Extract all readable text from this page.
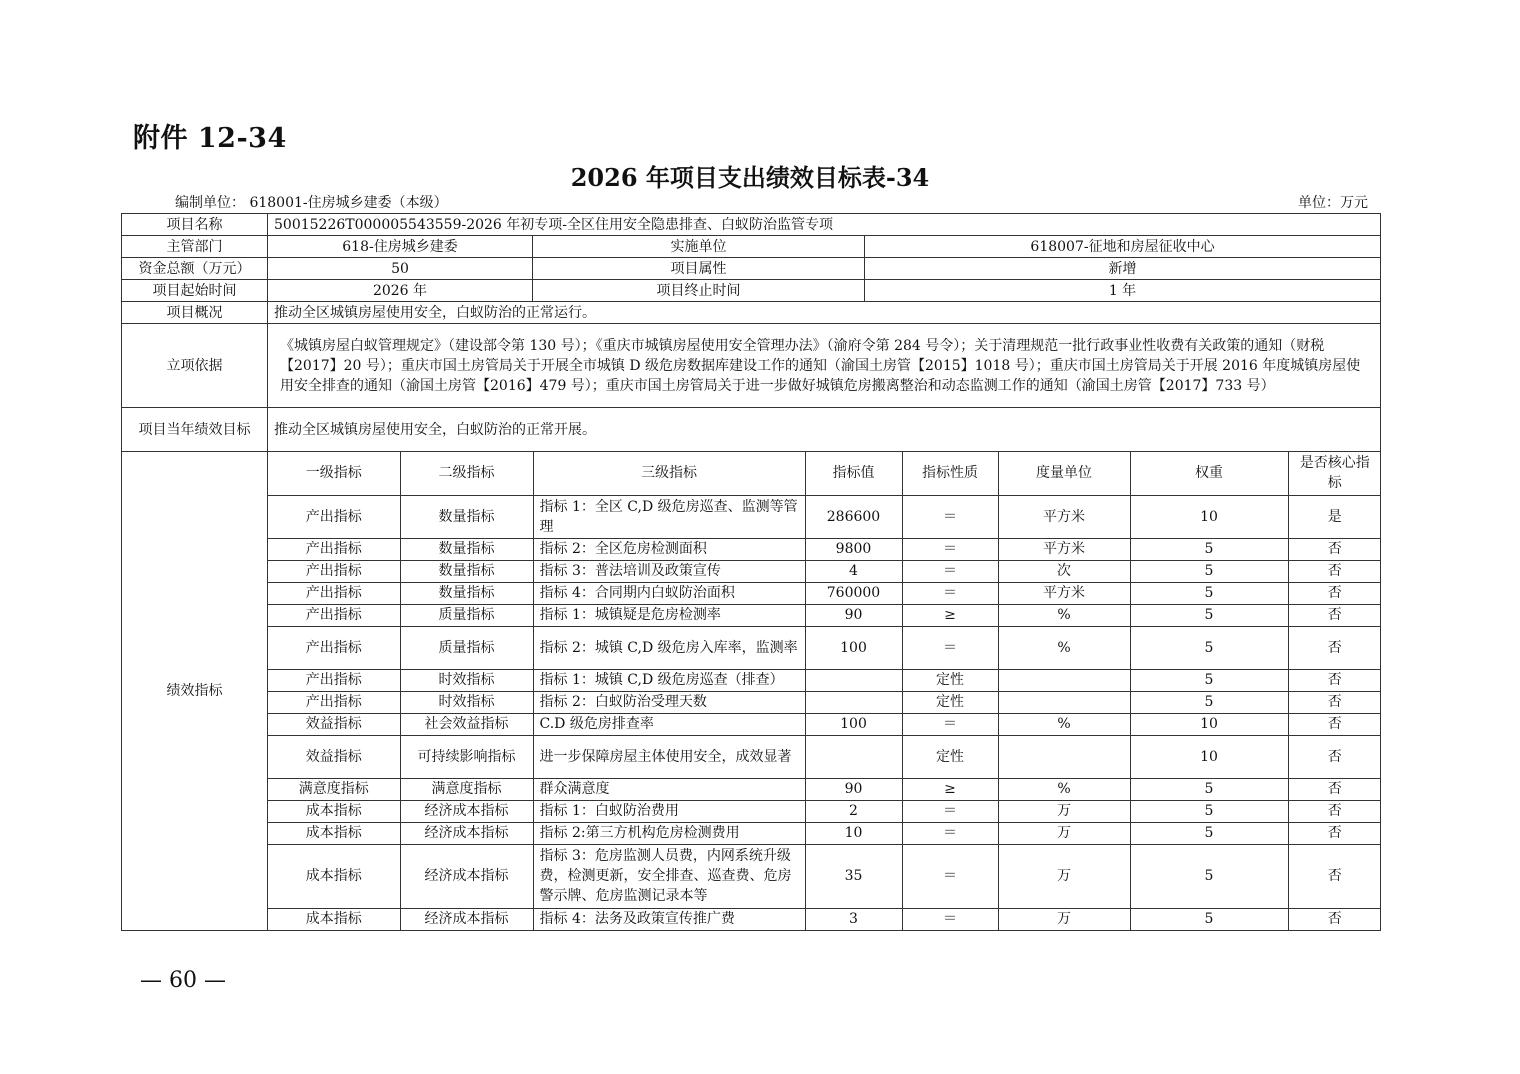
附件 12-34
2026 年项目支出绩效目标表-34
编制单位： 618001-住房城乡建委（本级）	单位：万元
项目名称	50015226T000005543559-2026 年初专项-全区住用安全隐患排查、白蚁防治监管专项
主管部门	618-住房城乡建委	实施单位	618007-征地和房屋征收中心
资金总额（万元）	50	项目属性	新增
项目起始时间	2026 年	项目终止时间	1 年
项目概况	推动全区城镇房屋使用安全，白蚁防治的正常运行。
立项依据	《城镇房屋白蚁管理规定》（建设部令第 130 号）；《重庆市城镇房屋使用安全管理办法》（渝府令第 284 号令）；关于清理规范一批行政事业性收费有关政策的通知（财税【2017】20 号）；重庆市国土房管局关于开展全市城镇 D 级危房数据库建设工作的通知（渝国土房管【2015】1018 号）；重庆市国土房管局关于开展 2016 年度城镇房屋使用安全排查的通知（渝国土房管【2016】479 号）；重庆市国土房管局关于进一步做好城镇危房搬离整治和动态监测工作的通知（渝国土房管【2017】733 号）
项目当年绩效目标	推动全区城镇房屋使用安全，白蚁防治的正常开展。
绩效指标	
一级指标	二级指标	三级指标	指标值	指标性质	度量单位	权重	是否核心指标
产出指标	数量指标	指标 1：全区 C,D 级危房巡查、监测等管理	286600	＝	平方米	10	是
产出指标	数量指标	指标 2：全区危房检测面积	9800	＝	平方米	5	否
产出指标	数量指标	指标 3：普法培训及政策宣传	4	＝	次	5	否
产出指标	数量指标	指标 4：合同期内白蚁防治面积	760000	＝	平方米	5	否
产出指标	质量指标	指标 1：城镇疑是危房检测率	90	≥	%	5	否
产出指标	质量指标	指标 2：城镇 C,D 级危房入库率，监测率	100	＝	%	5	否
产出指标	时效指标	指标 1：城镇 C,D 级危房巡查（排查）		定性		5	否
产出指标	时效指标	指标 2：白蚁防治受理天数		定性		5	否
效益指标	社会效益指标	C.D 级危房排查率	100	＝	%	10	否
效益指标	可持续影响指标	进一步保障房屋主体使用安全，成效显著		定性		10	否
满意度指标	满意度指标	群众满意度	90	≥	%	5	否
成本指标	经济成本指标	指标 1：白蚁防治费用	2	＝	万	5	否
成本指标	经济成本指标	指标 2:第三方机构危房检测费用	10	＝	万	5	否
成本指标	经济成本指标	指标 3：危房监测人员费，内网系统升级费，检测更新，安全排查、巡查费、危房警示牌、危房监测记录本等	35	＝	万	5	否
成本指标	经济成本指标	指标 4：法务及政策宣传推广费	3	＝	万	5	否
— 60 —
